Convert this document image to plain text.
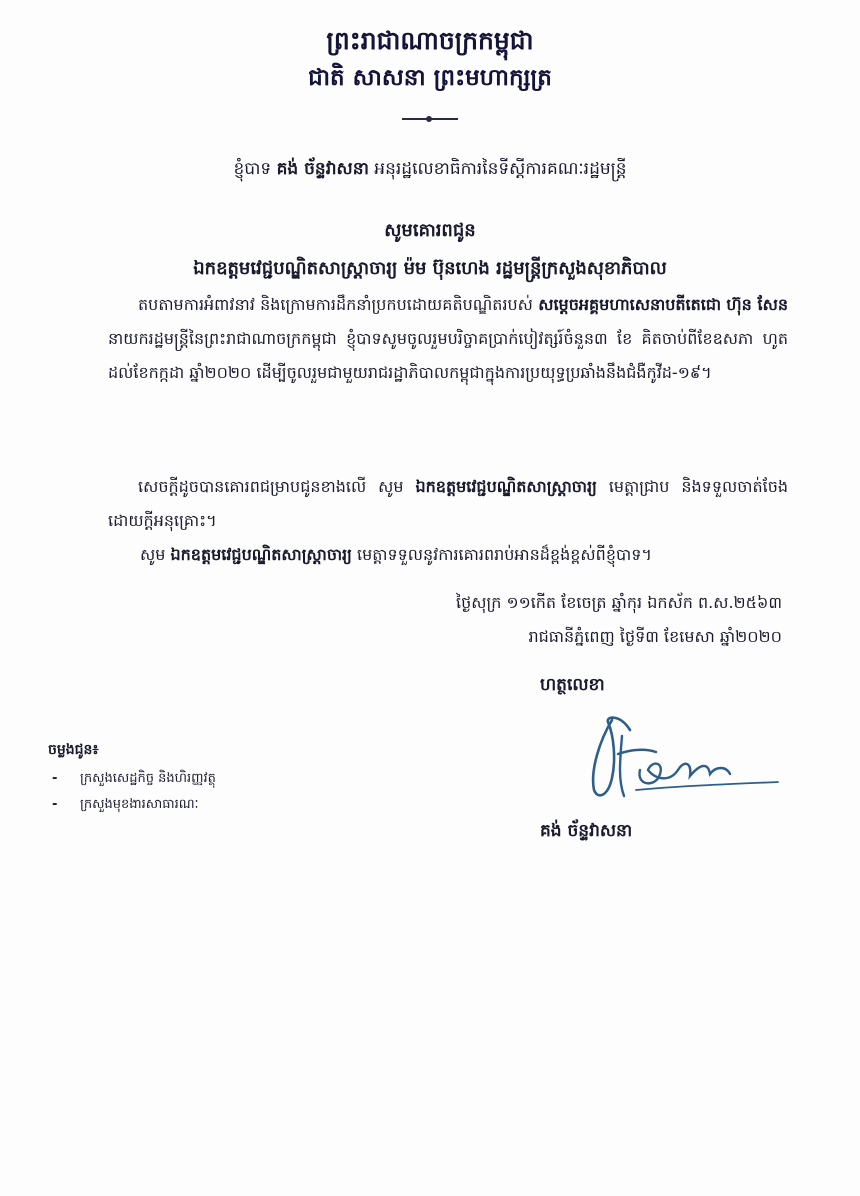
ព្រះរាជាណាចក្រកម្ពុជា
ជាតិ សាសនា ព្រះមហាក្សត្រ
ខ្ញុំបាទ គង់ ច័ន្ទវាសនា អនុរដ្ឋលេខាធិការនៃទីស្តីការគណៈរដ្ឋមន្ត្រី
សូមគោរពជូន
ឯកឧត្តមវេជ្ជបណ្ឌិតសាស្ត្រាចារ្យ ម៉ម ប៊ុនហេង រដ្ឋមន្ត្រីក្រសួងសុខាភិបាល
តបតាមការអំពាវនាវ និងក្រោមការដឹកនាំប្រកបដោយគតិបណ្ឌិតរបស់ សម្តេចអគ្គមហាសេនាបតីតេជោ ហ៊ុន សែន នាយករដ្ឋមន្ត្រីនៃព្រះរាជាណាចក្រកម្ពុជា ខ្ញុំបាទសូមចូលរួមបរិច្ចាគប្រាក់បៀវត្សរ៍ចំនួន៣ ខែ គិតចាប់ពីខែឧសភា ហូតដល់ខែកក្កដា ឆ្នាំ២០២០ ដើម្បីចូលរួមជាមួយរាជរដ្ឋាភិបាលកម្ពុជាក្នុងការប្រយុទ្ធប្រឆាំងនឹងជំងឺកូវីដ-១៩។
សេចក្តីដូចបានគោរពជម្រាបជូនខាងលើ សូម ឯកឧត្តមវេជ្ជបណ្ឌិតសាស្ត្រាចារ្យ មេត្តាជ្រាប និងទទួលចាត់ចែងដោយក្តីអនុគ្រោះ។
សូម ឯកឧត្តមវេជ្ជបណ្ឌិតសាស្ត្រាចារ្យ មេត្តាទទួលនូវការគោរពរាប់អានដ៏ខ្ពង់ខ្ពស់ពីខ្ញុំបាទ។
ថ្ងៃសុក្រ ១១កើត ខែចេត្រ ឆ្នាំកុរ ឯកស័ក ព.ស.២៥៦៣
រាជធានីភ្នំពេញ ថ្ងៃទី៣ ខែមេសា ឆ្នាំ២០២០
ហត្ថលេខា
គង់ ច័ន្ទវាសនា
ចម្លងជូន៖
- ក្រសួងសេដ្ឋកិច្ច និងហិរញ្ញវត្ថុ
- ក្រសួងមុខងារសាធារណៈ
